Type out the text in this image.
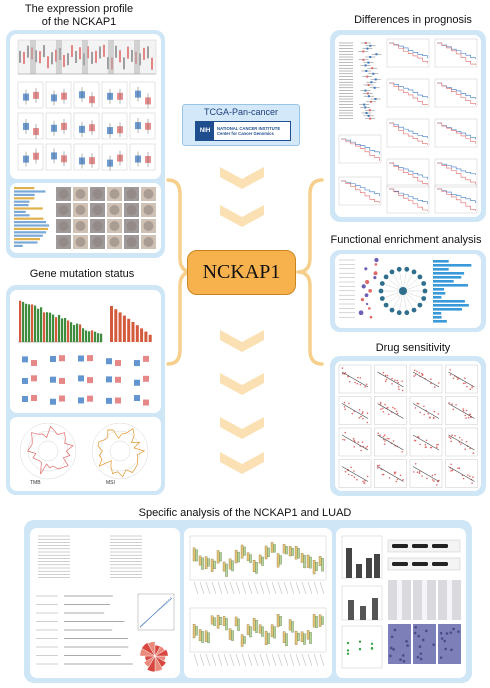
The expression profile
of the NCKAP1
Gene mutation status
Differences in prognosis
Functional enrichment analysis
Drug sensitivity
Specific analysis of the NCKAP1 and LUAD
TMB	MSI
TCGA-Pan-cancer
NIH	NATIONAL CANCER INSTITUTE
Center for Cancer Genomics
NCKAP1
